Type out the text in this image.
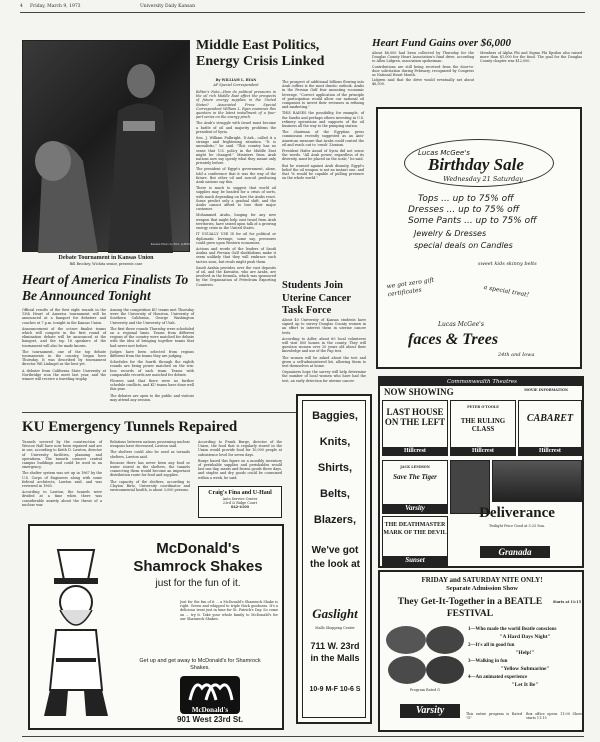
4	Friday, March 9, 1973	University Daily Kansan
Kansan Photo by BILL JAMES
Debate Tournament in Kansas Union
Bill Brockey, Wichita senior, presents case
Middle East Politics, Energy Crisis Linked
By WILLIAM L. RYAN
AP Special Correspondent

Editor's Note—How do political pressures in the oil rich Middle East affect the prospects of future energy supplies in the United States? Associated Press Special Correspondent William L. Ryan examines this question in the latest installment of a four-part series on the energy pinch.

The Arab's struggle with Israel must become a battle of oil and majority problems the president of Syria.

Sen. J. William Fulbright, D-Ark., called it a strange and frightening situation. "It is unrealistic," he said. "This country has no sense that U.S. policy in the Middle East might be changed." Ministers from Arab nations now say openly what they meant only privately before.

The president of Egypt's government, alone, told a conference that it was the way of the future. But other oil and non-oil producing Arab nations say this.

There is much to suggest that world oil supplies may be headed for a crisis of sorts, with much depending on how the Arabs react. Some predict only a gradual shift, and the Arabs cannot afford to lose their major customer.

Mohammed Arabs, longing for any new weapon that might help oust Israel from Arab territories, have seized upon talk of a growing energy crisis in the United States.

IT USUALLY USE IS for oil for political or diplomatic leverage, some say, pressures could grow upon Western economies.

Actions and words of the leaders of Saudi Arabia and Persian Gulf sheikhdoms make it seem unlikely that they will embrace such tactics soon, but rivals might push them.

Saudi Arabia provides over the vast deposits of oil, and the Kuwaitis, who are Arabs, are involved in the formula, which was sponsored by the Organization of Petroleum Exporting Countries.

The prospect of additional billions flowing into Arab coffers is the most drastic outlook. Arabs in the Persian Gulf fear mounting economic leverage. "Correct application of the principle of participation would allow our national oil companies to invest their revenues in refining and marketing."

THIS RAISES the possibility, for example, of the Saudis and perhaps others investing in U.S. refinery operations and supports of the oil business all the way to the pumping station.

The chairman of the Egyptian press commission recently suggested as an Anti-American measure that Arabs could control the oil and reach out to 'crush' Zionism.

President Hafez Assad of Syria did not sense the words. "All Arab power, regardless of its diversity, must be placed on the scale," he said.

But he warned against Arab disunity, Egypt's belief the oil weapon is not an instant one, and that "it would be capable of pulling pressure on the whole world."

Heart of America Finalists To Be Announced Tonight

Official results of the first eight rounds in the 13th Heart of America tournament will be announced at a banquet for debaters and coaches at 7 p.m. tonight in the Kansas Union.

Announcement of the octave finalist teams which will compete in the first round of elimination debate will be announced at the banquet, and the top 16 speakers of the tournament will also be made known.

The tournament, one of the top debate tournaments in the country, began here Thursday. It was described by tournament director Wil Linkugel as the best yet.

A debater from California State University at Northridge won the meet last year, and the winner will receive a traveling trophy.

Among the competition KU teams met Thursday were the University of Houston, University of Southern California, George Washington University and the University of Utah.

The first three rounds Thursday were scheduled on a regional basis. Teams from different regions of the country were matched for debate with the idea of bringing together teams that had never met before.

Judges have been selected from regions different from the teams they are judging.

Schedules for the fourth through the eighth rounds are being power matched on the win-loss records of each team. Teams with comparable records are matched for debate.

Flowers said that there were no further schedule conflicts, and KU teams have done well this year.

The debates are open to the public and visitors may attend any session.

Students Join Uterine Cancer Task Force

About 40 University of Kansas students have signed up to survey Douglas County women in an effort to interest them in uterine cancer tests.

According to Adler, about 60 local volunteers will visit 800 homes in the county. They will question women over 20 years old about their knowledge and use of the Pap test.

The women will be asked about the test and given a self-administered kit, allowing them to test themselves at home.

Organizers hope the survey will help determine the number of local women who have had the test, an early detection for uterine cancer.

Heart Fund Gains over $6,000

About $6,000 had been collected by Thursday for the Douglas County Heart Association's fund drive, according to Allen Lidgren, association spokesman.

Contributions are still being received from the door-to-door solicitation during February, recognized by Congress as National Heart Month.

Lidgren said that the drive would eventually net about $6,500.

Members of Alpha Phi and Sigma Phi Epsilon also raised more than $1,000 for the fund. The goal for the Douglas County chapter was $12,000.

Lucas McGee's
Birthday Sale
Wednesday 21 Saturday
Tops ... up to 75% off
Dresses ... up to 75% off
Some Pants ... up to 75% off
Jewelry & Dresses
special deals on Candles
sweet kids skinny belts
we got zero gift certificates	a special treat!
Lucas McGee's
faces & Trees
24th and Iowa
KU Emergency Tunnels Repaired

Tunnels severed by the construction of Wescoe Hall have now been repaired and are in use, according to Keith D. Lawton, director of University facilities, planning and operations. The tunnels connect central campus buildings and could be used in an emergency.

The shelter system was set up in 1967 by the U.S. Corps of Engineers along with some federal architects, Lawton said, and was reviewed in 1965.

According to Lawton, the tunnels were divided at a time when there was considerable anxiety about the threat of a nuclear war.

Relations between nations possessing nuclear weapons have decreased, Lawton said.

The shelters could also be used as tornado shelters, Lawton said.

Because there has never been any food or water stored in the shelters, the tunnels connecting them would become an important distribution route for food and supplies.

The capacity of the shelters, according to Clayton Birtz, University coordinator and environmental health, is about 3,000 persons.

According to Frank Burge, director of the Union, the food that is regularly stored in the Union would provide food for 10,000 people at subsistence level for seven days.

Burge based this figure on a monthly inventory of perishable supplies and perishables would last one day, meats and frozen goods three days, and staples and dry goods could be consumed within a week, he said.

Craig's Fina and U-Haul
Auto Service Center
23rd & Ridge Court
842-4100
McDonald's Shamrock Shakes
just for the fun of it.
Just for the fun of it ... a McDonald's Shamrock Shake is right. Green and whipped to triple thick goodness. It's a delicious treat just in time for St. Patrick's Day. So come on ... try it. Take your whole family to McDonald's for our Shamrock Shakes.
Get up and get away to McDonald's for Shamrock Shakes.
McDonald's
901 West 23rd St.
Baggies,
Knits,
Shirts,
Belts,
Blazers,
We've got the look at
Gaslight
Malls Shopping Center
711 W. 23rd in the Malls
10-9 M-F 10-6 S
Commonwealth Theatres
NOW SHOWING	MOVIE INFORMATION
LAST HOUSE ON THE LEFT
Hillcrest
PETER O'TOOLE
THE RULING CLASS
Hillcrest
CABARET
Hillcrest
JACK LEMMON
Save The Tiger
Varsity
THE DEATHMASTER
MARK OF THE DEVIL
Sunset
Deliverance
Twilight Price Good at 5:25 Sun.
Granada
FRIDAY and SATURDAY NITE ONLY!
Separate Admission Show
They Get-It-Together in a BEATLE FESTIVAL
Starts at 11:15
1—Who made the world Beatle conscious
"A Hard Days Night"
2—It's all in good fun
"Help!"
3—Walking in fun
"Yellow Submarine"
4—An animated experience
"Let It Be"
Program Rated G
Varsity	This entire program is Rated "G"
Box office opens 11:00 Show starts 11:15
